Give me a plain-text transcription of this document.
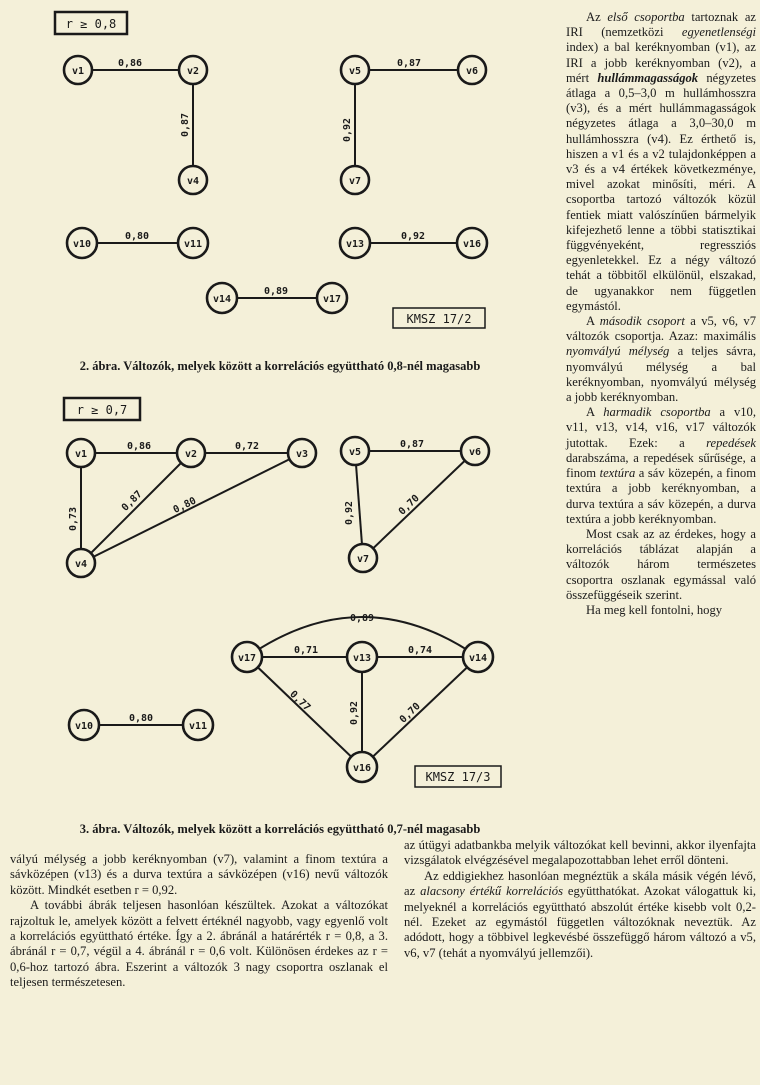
r ≥ 0,8
0,86
0,87
0,87
0,92
0,80	0,92
0,89
v1	v2
v4
v5	v6
v7
v10	v11	v13	v16
v14	v17
KMSZ 17/2
2. ábra. Változók, melyek között a korrelációs együttható 0,8-nél magasabb
r ≥ 0,7
0,86	0,72
0,73
0,87	0,80
0,87
0,92	0,70
0,80
0,89
0,71	0,74
0,77	0,92	0,70
v1	v2	v3
v4
v5	v6
v7
v10	v11
v17	v13	v14
v16
KMSZ 17/3
3. ábra. Változók, melyek között a korrelációs együttható 0,7-nél magasabb

Az első csoportba tartoznak az IRI (nemzetközi egyenetlenségi index) a bal keréknyomban (v1), az IRI a jobb keréknyomban (v2), a mért hullámmagasságok négyzetes átlaga a 0,5–3,0 m hullámhosszra (v3), és a mért hullámmagasságok négyzetes átlaga a 3,0–30,0 m hullámhosszra (v4). Ez érthető is, hiszen a v1 és a v2 tulajdonképpen a v3 és a v4 értékek következménye, mivel azokat minősíti, méri. A csoportba tartozó változók közül fentiek miatt valószínűen bármelyik kifejezhető lenne a többi statisztikai függvényeként, regressziós egyenletekkel. Ez a négy változó tehát a többitől elkülönül, elszakad, de ugyanakkor nem független egymástól.

A második csoport a v5, v6, v7 változók csoportja. Azaz: maximális nyomvályú mélység a teljes sávra, nyomvályú mélység a bal keréknyomban, nyomvályú mélység a jobb keréknyomban.

A harmadik csoportba a v10, v11, v13, v14, v16, v17 változók jutottak. Ezek: a repedések darabszáma, a repedések sűrűsége, a finom textúra a sáv közepén, a finom textúra a jobb keréknyomban, a durva textúra a sáv közepén, a durva textúra a jobb keréknyomban.

Most csak az az érdekes, hogy a korrelációs táblázat alapján a változók három természetes csoportra oszlanak egymással való összefüggéseik szerint.

Ha meg kell fontolni, hogy

vályú mélység a jobb keréknyomban (v7), valamint a finom textúra a sávközépen (v13) és a durva textúra a sávközépen (v16) nevű változók között. Mindkét esetben r = 0,92.

A további ábrák teljesen hasonlóan készültek. Azokat a változókat rajzoltuk le, amelyek között a felvett értéknél nagyobb, vagy egyenlő volt a korrelációs együttható értéke. Így a 2. ábránál a határérték r = 0,8, a 3. ábránál r = 0,7, végül a 4. ábránál r = 0,6 volt. Különösen érdekes az r = 0,6-hoz tartozó ábra. Eszerint a változók 3 nagy csoportra oszlanak el teljesen természetesen.

az útügyi adatbankba melyik változókat kell bevinni, akkor ilyenfajta vizsgálatok elvégzésével megalapozottabban lehet erről dönteni.

Az eddigiekhez hasonlóan megnéztük a skála másik végén lévő, az alacsony értékű korrelációs együtthatókat. Azokat válogattuk ki, melyeknél a korrelációs együttható abszolút értéke kisebb volt 0,2-nél. Ezeket az egymástól független változóknak neveztük. Az adódott, hogy a többivel legkevésbé összefüggő három változó a v5, v6, v7 (tehát a nyomvályú jellemzői).
